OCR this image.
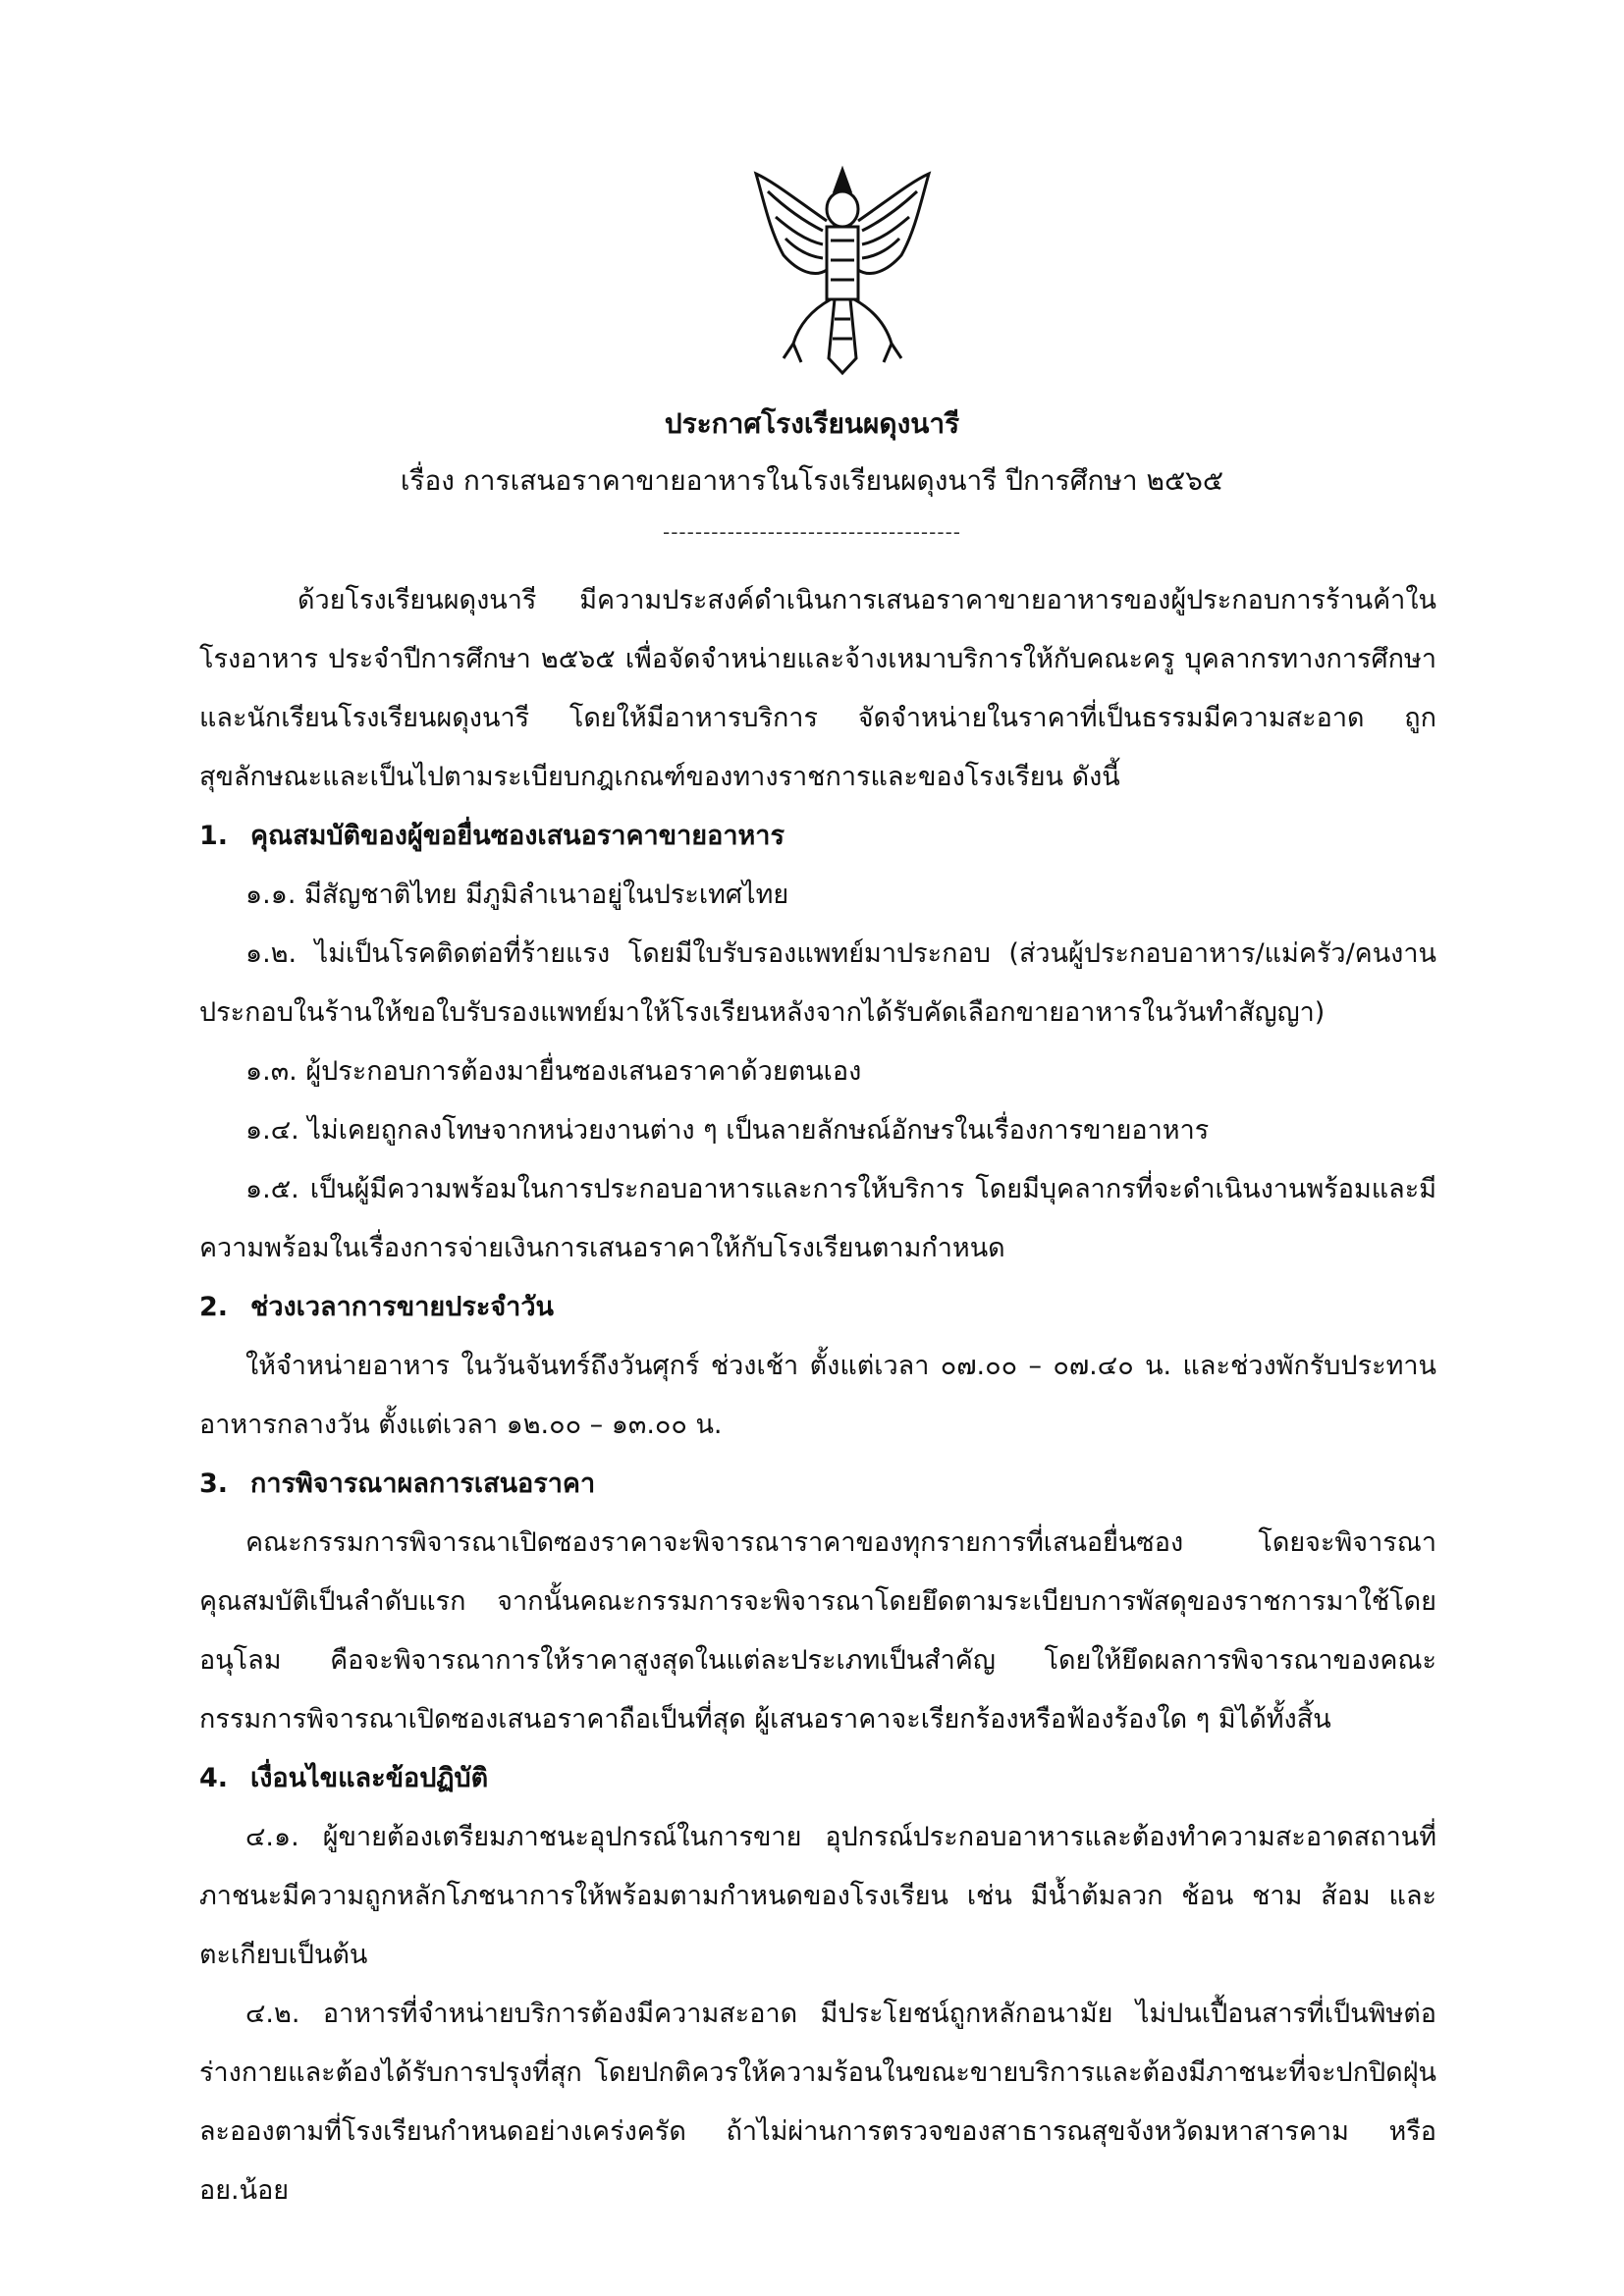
ประกาศโรงเรียนผดุงนารี
เรื่อง การเสนอราคาขายอาหารในโรงเรียนผดุงนารี ปีการศึกษา ๒๕๖๕
-------------------------------------

ด้วยโรงเรียนผดุงนารี มีความประสงค์ดำเนินการเสนอราคาขายอาหารของผู้ประกอบการร้านค้าในโรงอาหาร ประจำปีการศึกษา ๒๕๖๕ เพื่อจัดจำหน่ายและจ้างเหมาบริการให้กับคณะครู บุคลากรทางการศึกษาและนักเรียนโรงเรียนผดุงนารี โดยให้มีอาหารบริการ จัดจำหน่ายในราคาที่เป็นธรรมมีความสะอาด ถูกสุขลักษณะและเป็นไปตามระเบียบกฎเกณฑ์ของทางราชการและของโรงเรียน ดังนี้

1. คุณสมบัติของผู้ขอยื่นซองเสนอราคาขายอาหาร

๑.๑. มีสัญชาติไทย มีภูมิลำเนาอยู่ในประเทศไทย

๑.๒. ไม่เป็นโรคติดต่อที่ร้ายแรง โดยมีใบรับรองแพทย์มาประกอบ (ส่วนผู้ประกอบอาหาร/แม่ครัว/คนงานประกอบในร้านให้ขอใบรับรองแพทย์มาให้โรงเรียนหลังจากได้รับคัดเลือกขายอาหารในวันทำสัญญา)

๑.๓. ผู้ประกอบการต้องมายื่นซองเสนอราคาด้วยตนเอง

๑.๔. ไม่เคยถูกลงโทษจากหน่วยงานต่าง ๆ เป็นลายลักษณ์อักษรในเรื่องการขายอาหาร

๑.๕. เป็นผู้มีความพร้อมในการประกอบอาหารและการให้บริการ โดยมีบุคลากรที่จะดำเนินงานพร้อมและมีความพร้อมในเรื่องการจ่ายเงินการเสนอราคาให้กับโรงเรียนตามกำหนด

2. ช่วงเวลาการขายประจำวัน

ให้จำหน่ายอาหาร ในวันจันทร์ถึงวันศุกร์ ช่วงเช้า ตั้งแต่เวลา ๐๗.๐๐ – ๐๗.๔๐ น. และช่วงพักรับประทานอาหารกลางวัน ตั้งแต่เวลา ๑๒.๐๐ – ๑๓.๐๐ น.

3. การพิจารณาผลการเสนอราคา

คณะกรรมการพิจารณาเปิดซองราคาจะพิจารณาราคาของทุกรายการที่เสนอยื่นซอง โดยจะพิจารณาคุณสมบัติเป็นลำดับแรก จากนั้นคณะกรรมการจะพิจารณาโดยยึดตามระเบียบการพัสดุของราชการมาใช้โดยอนุโลม คือจะพิจารณาการให้ราคาสูงสุดในแต่ละประเภทเป็นสำคัญ โดยให้ยึดผลการพิจารณาของคณะกรรมการพิจารณาเปิดซองเสนอราคาถือเป็นที่สุด ผู้เสนอราคาจะเรียกร้องหรือฟ้องร้องใด ๆ มิได้ทั้งสิ้น

4. เงื่อนไขและข้อปฏิบัติ

๔.๑. ผู้ขายต้องเตรียมภาชนะอุปกรณ์ในการขาย อุปกรณ์ประกอบอาหารและต้องทำความสะอาดสถานที่ภาชนะมีความถูกหลักโภชนาการให้พร้อมตามกำหนดของโรงเรียน เช่น มีน้ำต้มลวก ช้อน ชาม ส้อม และตะเกียบเป็นต้น

๔.๒. อาหารที่จำหน่ายบริการต้องมีความสะอาด มีประโยชน์ถูกหลักอนามัย ไม่ปนเปื้อนสารที่เป็นพิษต่อร่างกายและต้องได้รับการปรุงที่สุก โดยปกติควรให้ความร้อนในขณะขายบริการและต้องมีภาชนะที่จะปกปิดฝุ่นละอองตามที่โรงเรียนกำหนดอย่างเคร่งครัด ถ้าไม่ผ่านการตรวจของสาธารณสุขจังหวัดมหาสารคาม หรือ อย.น้อย
